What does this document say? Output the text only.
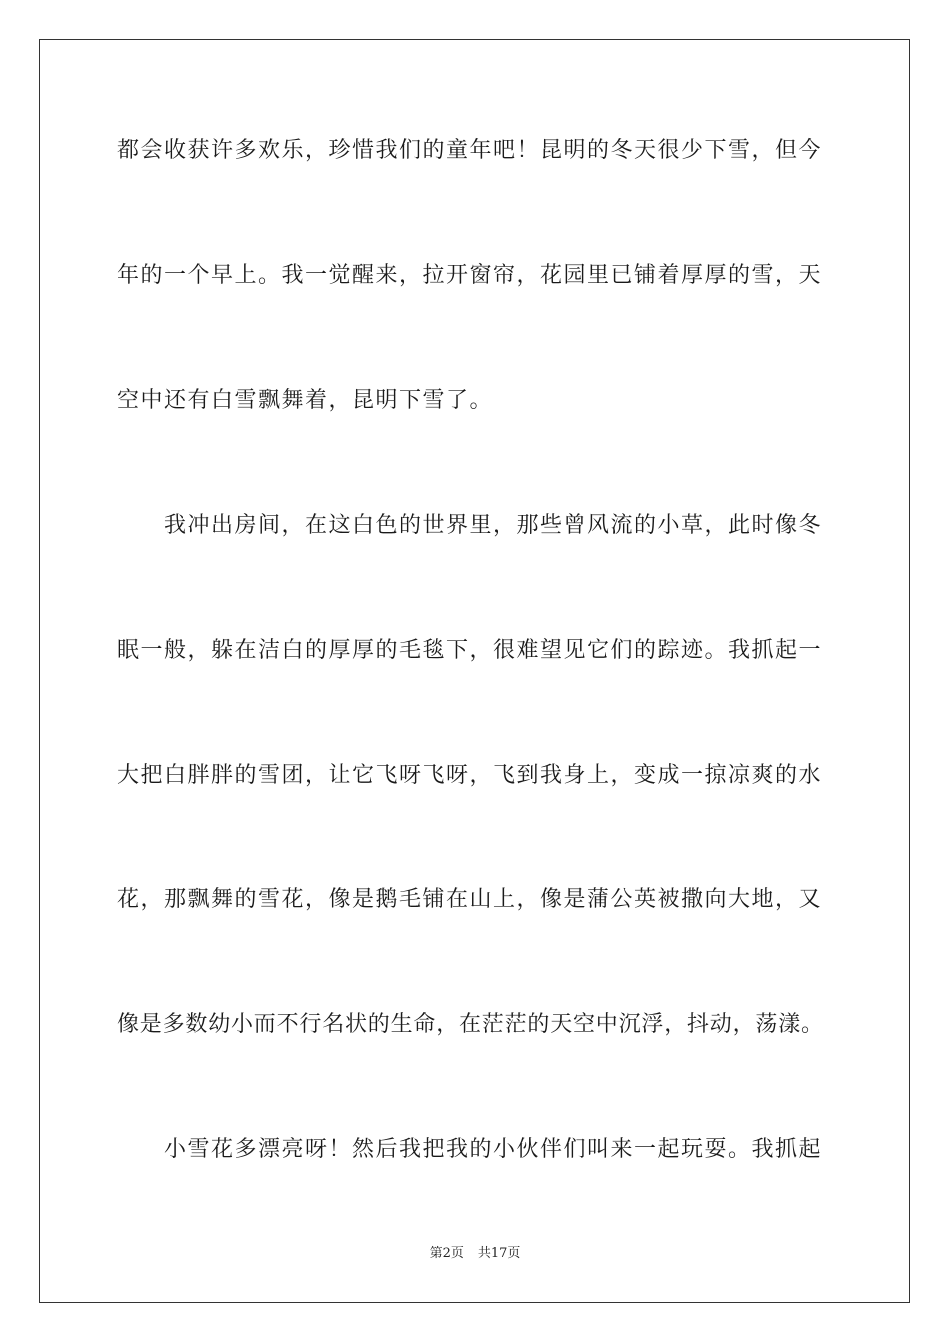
都会收获许多欢乐，珍惜我们的童年吧！昆明的冬天很少下雪，但今
年的一个早上。我一觉醒来，拉开窗帘，花园里已铺着厚厚的雪，天
空中还有白雪飘舞着，昆明下雪了。
我冲出房间，在这白色的世界里，那些曾风流的小草，此时像冬
眠一般，躲在洁白的厚厚的毛毯下，很难望见它们的踪迹。我抓起一
大把白胖胖的雪团，让它飞呀飞呀，飞到我身上，变成一掠凉爽的水
花，那飘舞的雪花，像是鹅毛铺在山上，像是蒲公英被撒向大地，又
像是多数幼小而不行名状的生命，在茫茫的天空中沉浮，抖动，荡漾。
小雪花多漂亮呀！然后我把我的小伙伴们叫来一起玩耍。我抓起
第2页 共17页
